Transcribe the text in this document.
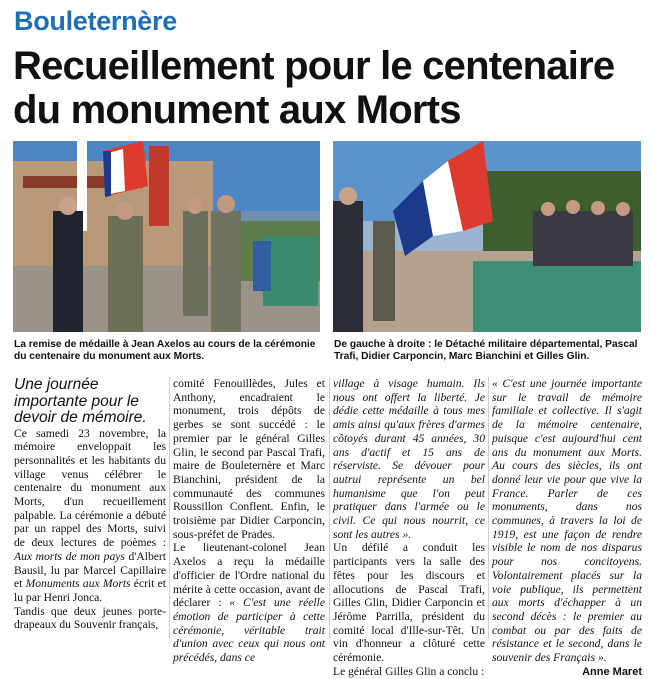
Bouleternère
Recueillement pour le centenaire
du monument aux Morts

La remise de médaille à Jean Axelos au cours de la cérémonie du centenaire du monument aux Morts.

De gauche à droite : le Détaché militaire départemental, Pascal Trafi, Didier Carponcin, Marc Bianchini et Gilles Glin.

Une journée importante pour le devoir de mémoire.

Ce samedi 23 novembre, la mémoire enveloppait les personnalités et les habitants du village venus célébrer le centenaire du monument aux Morts, d'un recueillement palpable. La cérémonie a débuté par un rappel des Morts, suivi de deux lectures de poèmes : Aux morts de mon pays d'Albert Bausil, lu par Marcel Capillaire et Monuments aux Morts écrit et lu par Henri Jonca.

Tandis que deux jeunes porte-drapeaux du Souvenir français,

comité Fenouillèdes, Jules et Anthony, encadraient le monument, trois dépôts de gerbes se sont succédé : le premier par le général Gilles Glin, le second par Pascal Trafi, maire de Bouleternère et Marc Bianchini, président de la communauté des communes Roussillon Conflent. Enfin, le troisième par Didier Carponcin, sous-préfet de Prades.

Le lieutenant-colonel Jean Axelos a reçu la médaille d'officier de l'Ordre national du mérite à cette occasion, avant de déclarer : « C'est une réelle émotion de participer à cette cérémonie, véritable trait d'union avec ceux qui nous ont précédés, dans ce

village à visage humain. Ils nous ont offert la liberté. Je dédie cette médaille à tous mes amis ainsi qu'aux frères d'armes côtoyés durant 45 années, 30 ans d'actif et 15 ans de réserviste. Se dévouer pour autrui représente un bel humanisme que l'on peut pratiquer dans l'armée ou le civil. Ce qui nous nourrit, ce sont les autres ».

Un défilé a conduit les participants vers la salle des fêtes pour les discours et allocutions de Pascal Trafi, Gilles Glin, Didier Carponcin et Jérôme Parrilla, président du comité local d'Ille-sur-Têt. Un vin d'honneur a clôturé cette cérémonie.

Le général Gilles Glin a conclu :

« C'est une journée importante sur le travail de mémoire familiale et collective. Il s'agit de la mémoire centenaire, puisque c'est aujourd'hui cent ans du monument aux Morts. Au cours des siècles, ils ont donné leur vie pour que vive la France. Parler de ces monuments, dans nos communes, à travers la loi de 1919, est une façon de rendre visible le nom de nos disparus pour nos concitoyens. Volontairement placés sur la voie publique, ils permettent aux morts d'échapper à un second décès : le premier au combat ou par des faits de résistance et le second, dans le souvenir des Français ».

Anne Maret
